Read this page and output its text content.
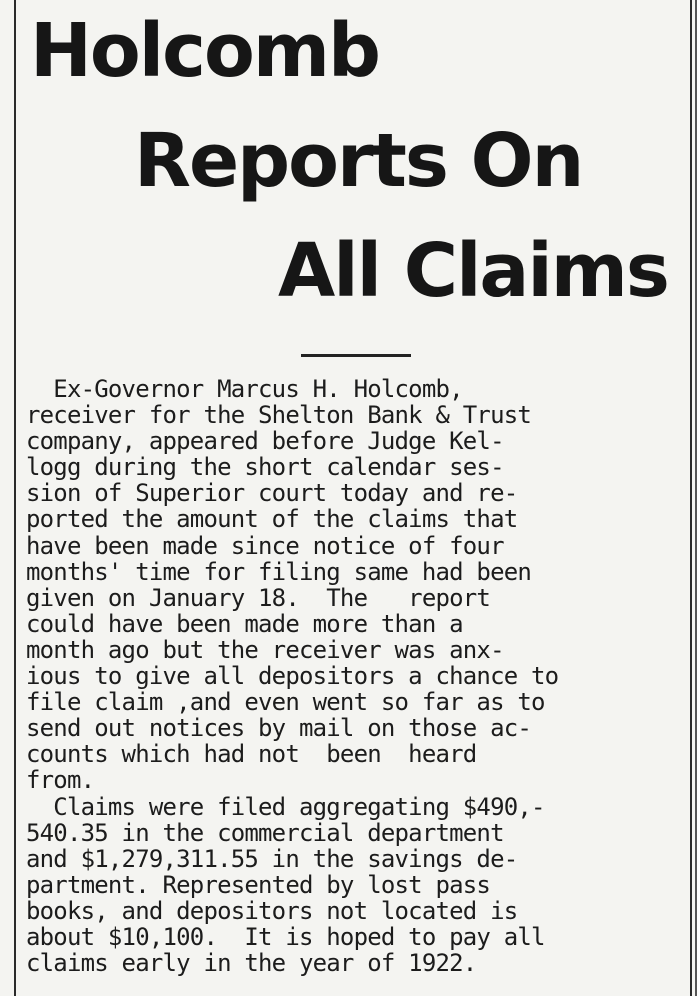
Holcomb
Reports On
All Claims
Ex-Governor Marcus H. Holcomb,
receiver for the Shelton Bank & Trust
company, appeared before Judge Kel-
logg during the short calendar ses-
sion of Superior court today and re-
ported the amount of the claims that
have been made since notice of four
months' time for filing same had been
given on January 18.  The   report
could have been made more than a
month ago but the receiver was anx-
ious to give all depositors a chance to
file claim ,and even went so far as to
send out notices by mail on those ac-
counts which had not  been  heard
from.
Claims were filed aggregating $490,-
540.35 in the commercial department
and $1,279,311.55 in the savings de-
partment. Represented by lost pass
books, and depositors not located is
about $10,100.  It is hoped to pay all
claims early in the year of 1922.
